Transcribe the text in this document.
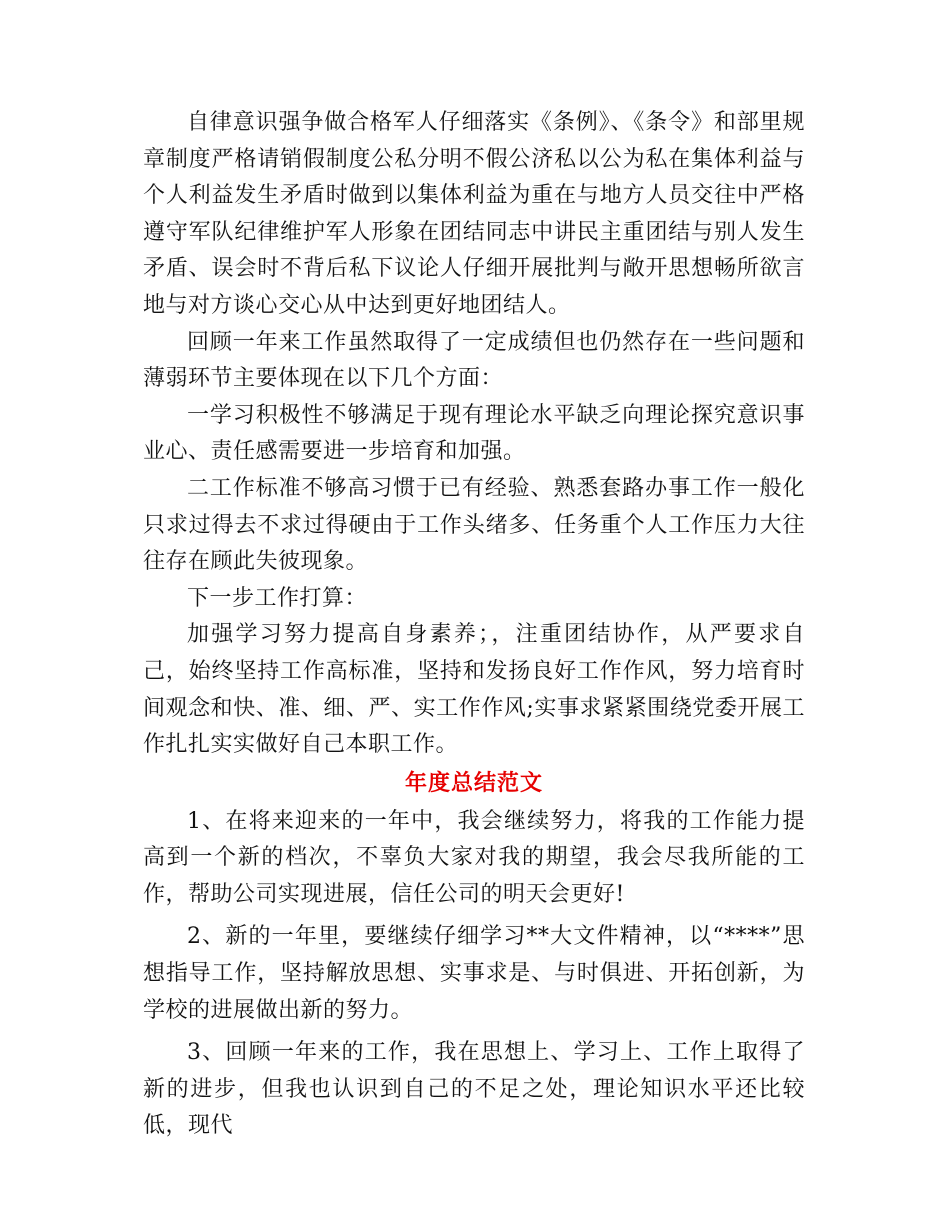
自律意识强争做合格军人仔细落实《条例》、《条令》和部里规章制度严格请销假制度公私分明不假公济私以公为私在集体利益与个人利益发生矛盾时做到以集体利益为重在与地方人员交往中严格遵守军队纪律维护军人形象在团结同志中讲民主重团结与别人发生矛盾、误会时不背后私下议论人仔细开展批判与敞开思想畅所欲言地与对方谈心交心从中达到更好地团结人。

回顾一年来工作虽然取得了一定成绩但也仍然存在一些问题和薄弱环节主要体现在以下几个方面：

一学习积极性不够满足于现有理论水平缺乏向理论探究意识事业心、责任感需要进一步培育和加强。

二工作标准不够高习惯于已有经验、熟悉套路办事工作一般化只求过得去不求过得硬由于工作头绪多、任务重个人工作压力大往往存在顾此失彼现象。

下一步工作打算：

加强学习努力提高自身素养；，注重团结协作，从严要求自己，始终坚持工作高标准，坚持和发扬良好工作作风，努力培育时间观念和快、准、细、严、实工作作风;实事求紧紧围绕党委开展工作扎扎实实做好自己本职工作。

年度总结范文

1、在将来迎来的一年中，我会继续努力，将我的工作能力提高到一个新的档次，不辜负大家对我的期望，我会尽我所能的工作，帮助公司实现进展，信任公司的明天会更好!

2、新的一年里，要继续仔细学习**大文件精神，以“****”思想指导工作，坚持解放思想、实事求是、与时俱进、开拓创新，为学校的进展做出新的努力。

3、回顾一年来的工作，我在思想上、学习上、工作上取得了新的进步，但我也认识到自己的不足之处，理论知识水平还比较低，现代
